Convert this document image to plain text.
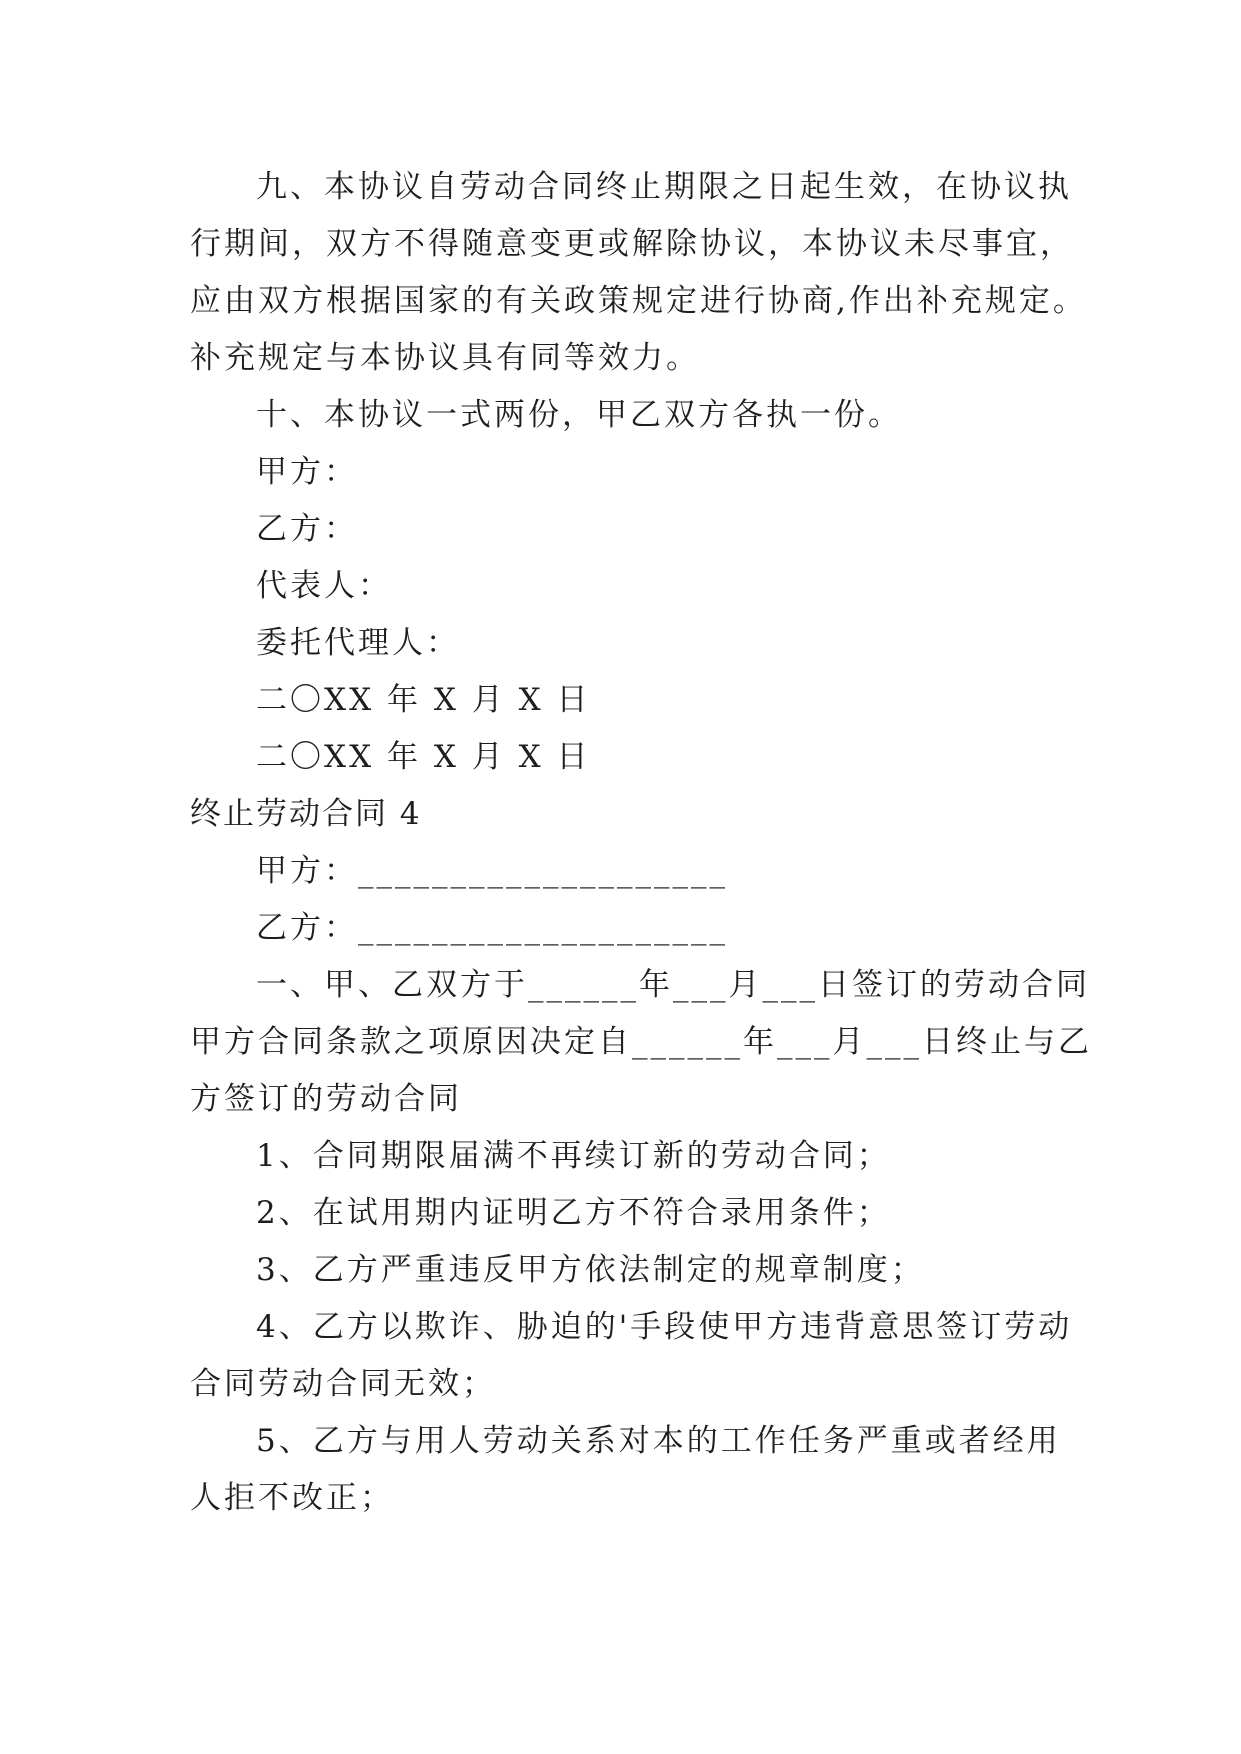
九、本协议自劳动合同终止期限之日起生效，在协议执
行期间，双方不得随意变更或解除协议，本协议未尽事宜，
应由双方根据国家的有关政策规定进行协商,作出补充规定。
补充规定与本协议具有同等效力。
十、本协议一式两份，甲乙双方各执一份。
甲方：
乙方：
代表人：
委托代理人：
二〇XX 年 X 月 X 日
二〇XX 年 X 月 X 日
终止劳动合同 4
甲方：____________________
乙方：____________________
一、甲、乙双方于______年___月___日签订的劳动合同
甲方合同条款之项原因决定自______年___月___日终止与乙
方签订的劳动合同
1、合同期限届满不再续订新的劳动合同；
2、在试用期内证明乙方不符合录用条件；
3、乙方严重违反甲方依法制定的规章制度；
4、乙方以欺诈、胁迫的'手段使甲方违背意思签订劳动
合同劳动合同无效；
5、乙方与用人劳动关系对本的工作任务严重或者经用
人拒不改正；
